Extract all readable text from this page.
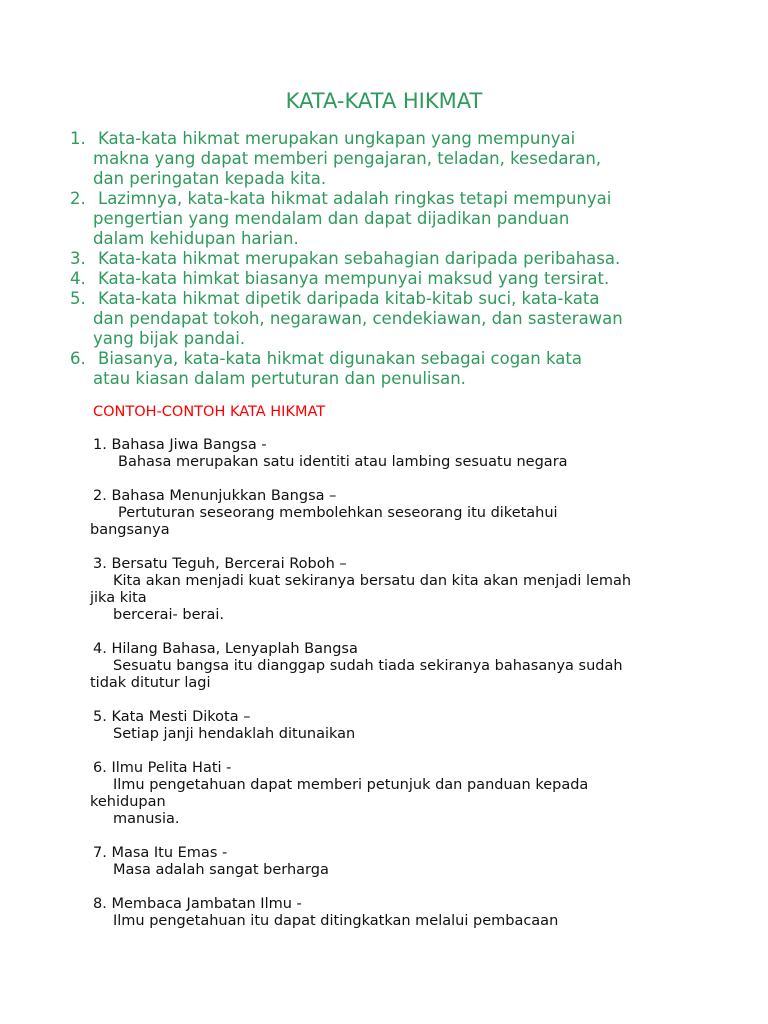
KATA-KATA HIKMAT
1. Kata-kata hikmat merupakan ungkapan yang mempunyai
makna yang dapat memberi pengajaran, teladan, kesedaran,
dan peringatan kepada kita.
2. Lazimnya, kata-kata hikmat adalah ringkas tetapi mempunyai
pengertian yang mendalam dan dapat dijadikan panduan
dalam kehidupan harian.
3. Kata-kata hikmat merupakan sebahagian daripada peribahasa.
4. Kata-kata himkat biasanya mempunyai maksud yang tersirat.
5. Kata-kata hikmat dipetik daripada kitab-kitab suci, kata-kata
dan pendapat tokoh, negarawan, cendekiawan, dan sasterawan
yang bijak pandai.
6. Biasanya, kata-kata hikmat digunakan sebagai cogan kata
atau kiasan dalam pertuturan dan penulisan.
CONTOH-CONTOH KATA HIKMAT
1. Bahasa Jiwa Bangsa -
Bahasa merupakan satu identiti atau lambing sesuatu negara
2. Bahasa Menunjukkan Bangsa –
Pertuturan seseorang membolehkan seseorang itu diketahui
bangsanya
3. Bersatu Teguh, Bercerai Roboh –
Kita akan menjadi kuat sekiranya bersatu dan kita akan menjadi lemah
jika kita
bercerai- berai.
4. Hilang Bahasa, Lenyaplah Bangsa
Sesuatu bangsa itu dianggap sudah tiada sekiranya bahasanya sudah
tidak ditutur lagi
5. Kata Mesti Dikota –
Setiap janji hendaklah ditunaikan
6. Ilmu Pelita Hati -
Ilmu pengetahuan dapat memberi petunjuk dan panduan kepada
kehidupan
manusia.
7. Masa Itu Emas -
Masa adalah sangat berharga
8. Membaca Jambatan Ilmu -
Ilmu pengetahuan itu dapat ditingkatkan melalui pembacaan
